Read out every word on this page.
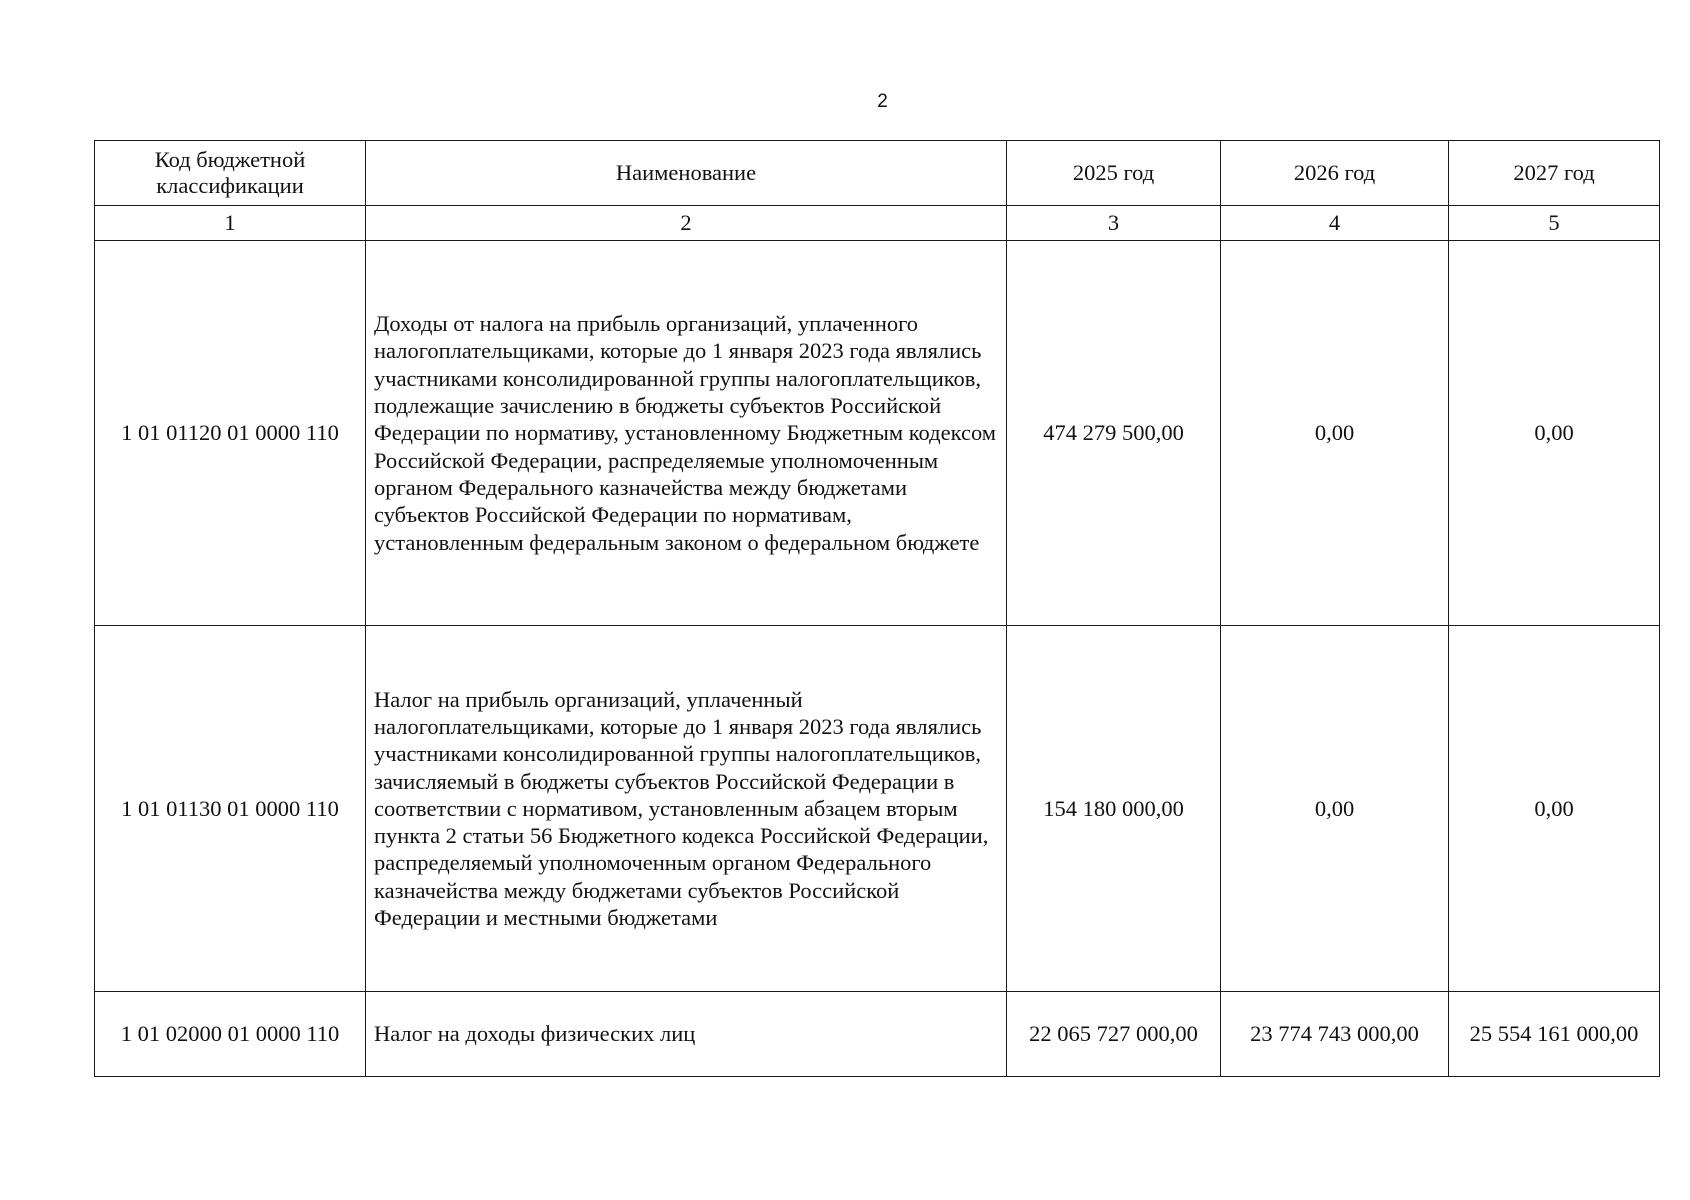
2
Код бюджетной классификации	Наименование	2025 год	2026 год	2027 год
1	2	3	4	5
1 01 01120 01 0000 110	Доходы от налога на прибыль организаций, уплаченного налогоплательщиками, которые до 1 января 2023 года являлись участниками консолидированной группы налогоплательщиков, подлежащие зачислению в бюджеты субъектов Российской Федерации по нормативу, установленному Бюджетным кодексом Российской Федерации, распределяемые уполномоченным органом Федерального казначейства между бюджетами субъектов Российской Федерации по нормативам, установленным федеральным законом о федеральном бюджете	474 279 500,00	0,00	0,00
1 01 01130 01 0000 110	Налог на прибыль организаций, уплаченный налогоплательщиками, которые до 1 января 2023 года являлись участниками консолидированной группы налогоплательщиков, зачисляемый в бюджеты субъектов Российской Федерации в соответствии с нормативом, установленным абзацем вторым пункта 2 статьи 56 Бюджетного кодекса Российской Федерации, распределяемый уполномоченным органом Федерального казначейства между бюджетами субъектов Российской Федерации и местными бюджетами	154 180 000,00	0,00	0,00
1 01 02000 01 0000 110	Налог на доходы физических лиц	22 065 727 000,00	23 774 743 000,00	25 554 161 000,00
